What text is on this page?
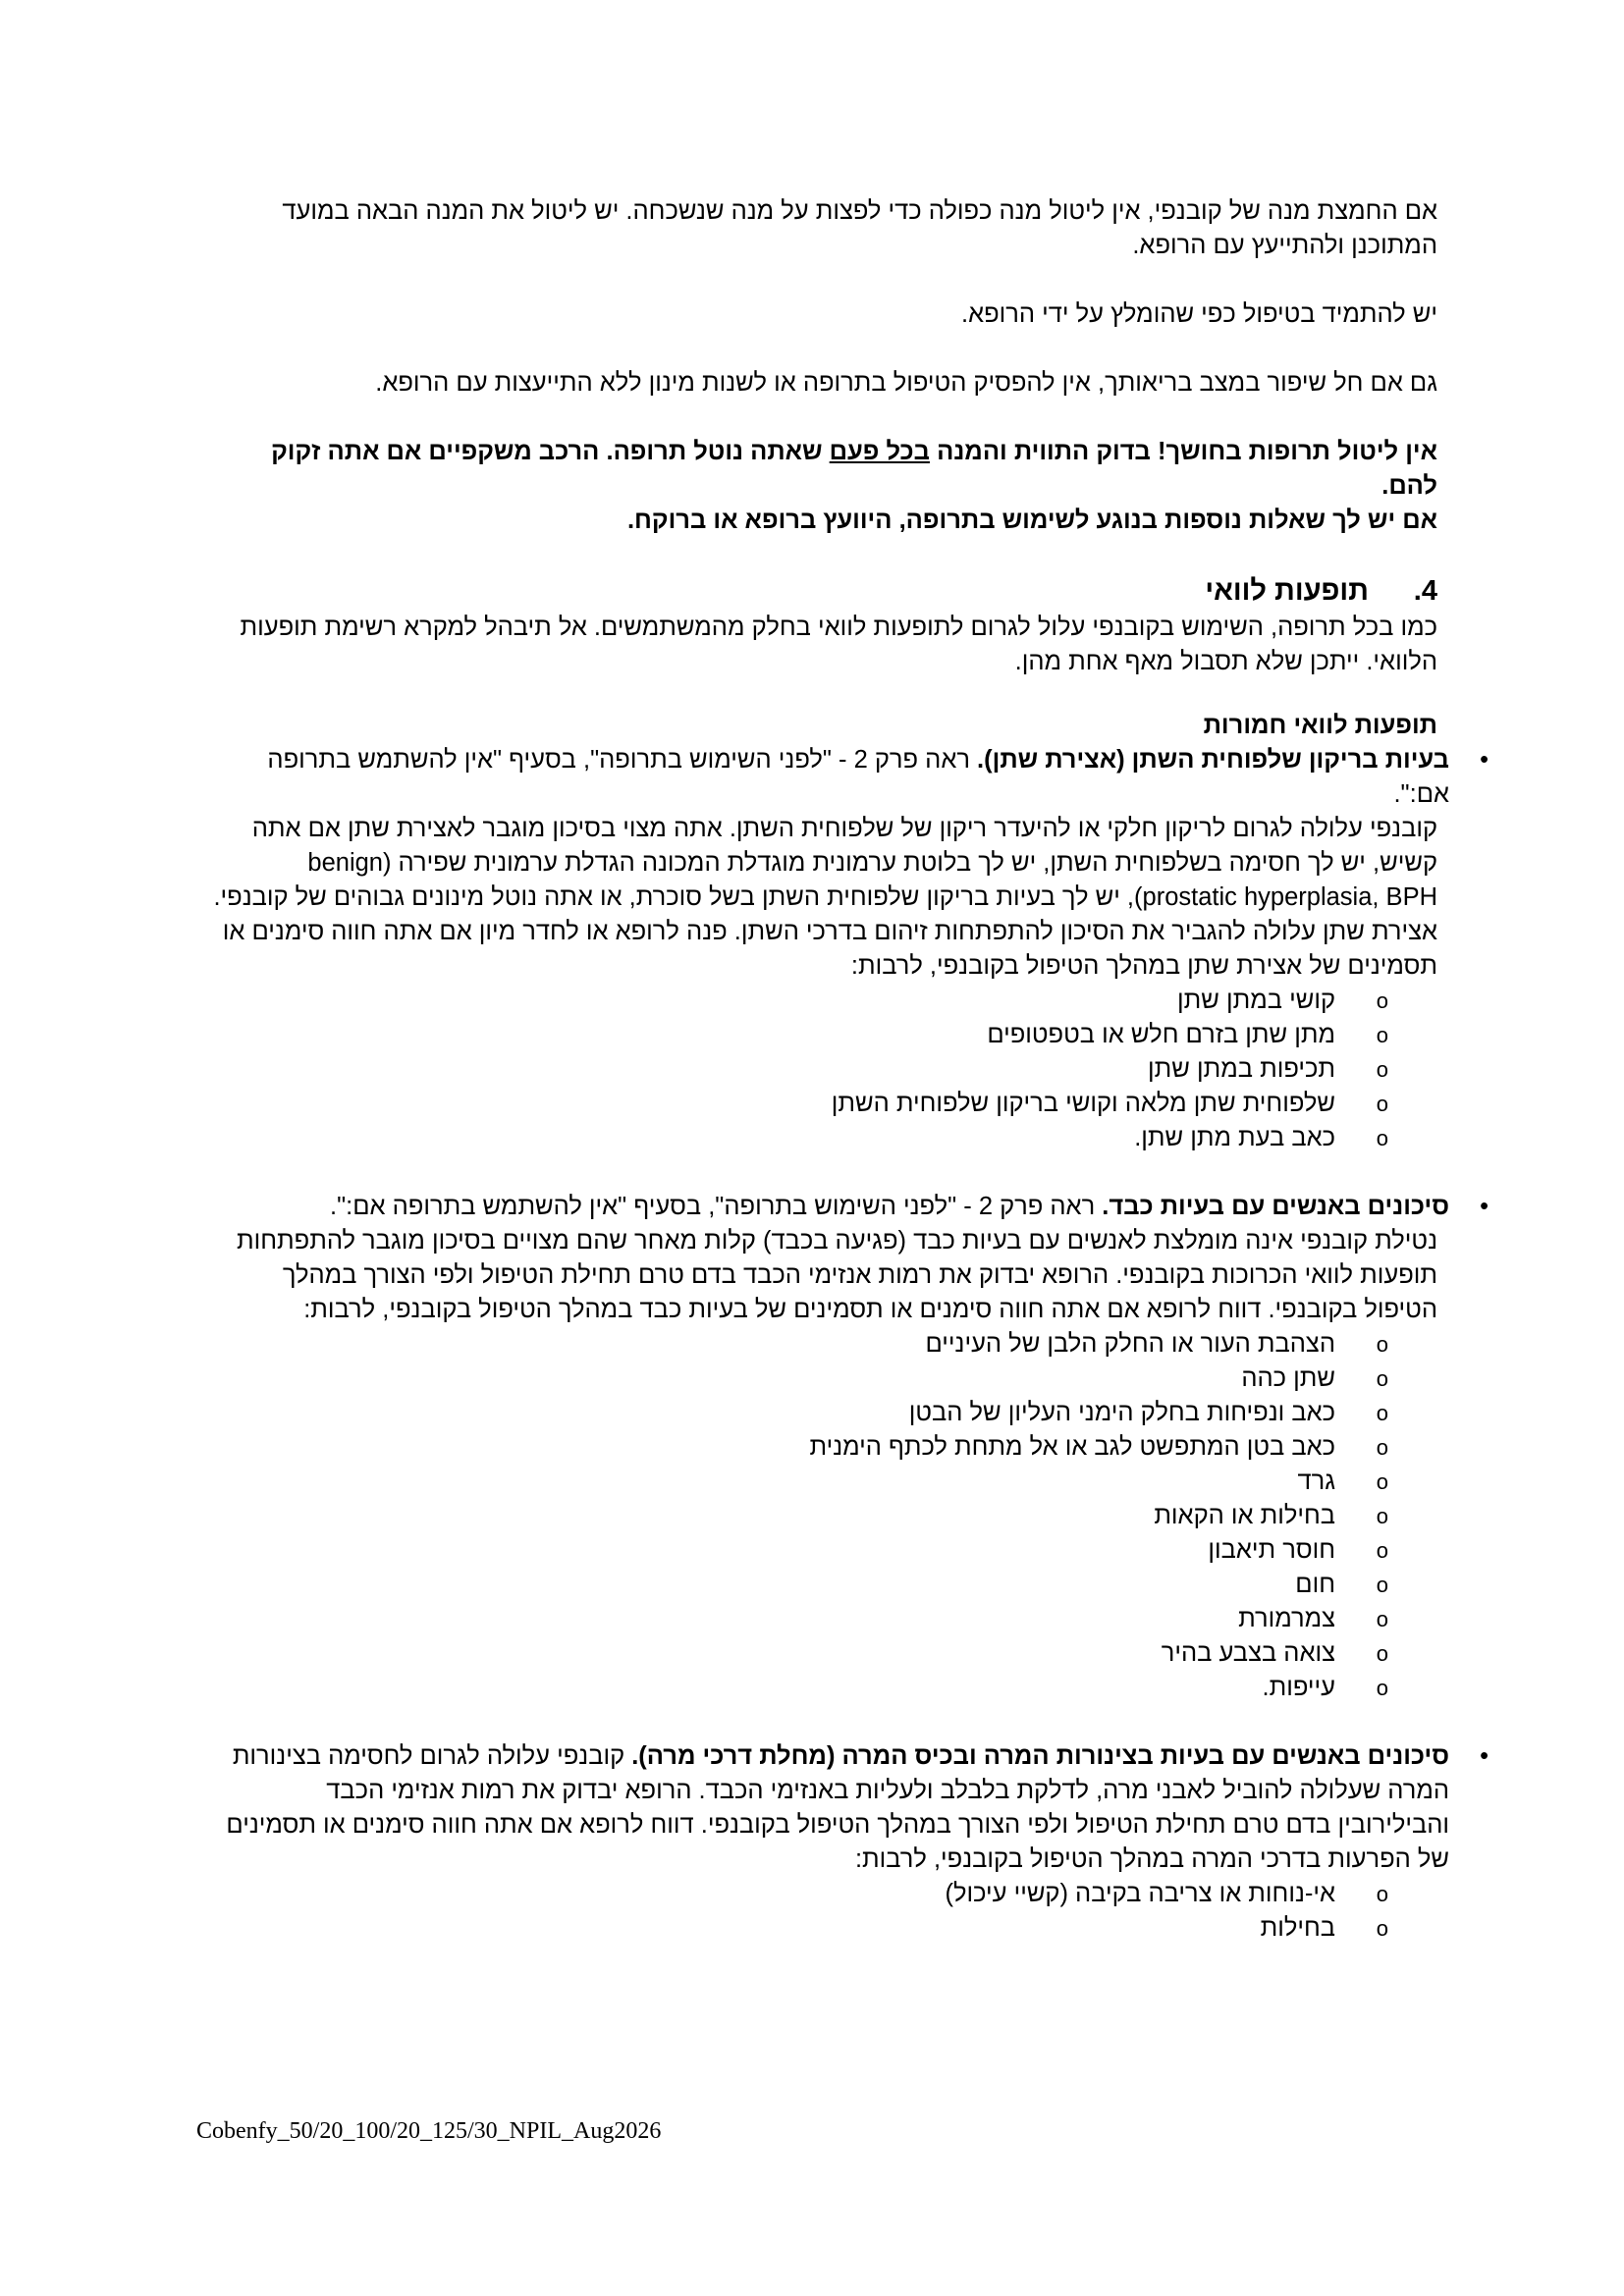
אם החמצת מנה של קובנפי, אין ליטול מנה כפולה כדי לפצות על מנה שנשכחה. יש ליטול את המנה הבאה במועד המתוכנן ולהתייעץ עם הרופא.

יש להתמיד בטיפול כפי שהומלץ על ידי הרופא.

גם אם חל שיפור במצב בריאותך, אין להפסיק הטיפול בתרופה או לשנות מינון ללא התייעצות עם הרופא.

אין ליטול תרופות בחושך! בדוק התווית והמנה בכל פעם שאתה נוטל תרופה. הרכב משקפיים אם אתה זקוק להם.

אם יש לך שאלות נוספות בנוגע לשימוש בתרופה, היוועץ ברופא או ברוקח.

4.
תופעות לוואי

כמו בכל תרופה, השימוש בקובנפי עלול לגרום לתופעות לוואי בחלק מהמשתמשים. אל תיבהל למקרא רשימת תופעות הלוואי. ייתכן שלא תסבול מאף אחת מהן.

תופעות לוואי חמורות

•
בעיות בריקון שלפוחית השתן (אצירת שתן). ראה פרק 2 - "לפני השימוש בתרופה", בסעיף "אין להשתמש בתרופה אם:".
קובנפי עלולה לגרום לריקון חלקי או להיעדר ריקון של שלפוחית השתן. אתה מצוי בסיכון מוגבר לאצירת שתן אם אתה קשיש, יש לך חסימה בשלפוחית השתן, יש לך בלוטת ערמונית מוגדלת המכונה הגדלת ערמונית שפירה (benign prostatic hyperplasia, BPH), יש לך בעיות בריקון שלפוחית השתן בשל סוכרת, או אתה נוטל מינונים גבוהים של קובנפי. אצירת שתן עלולה להגביר את הסיכון להתפתחות זיהום בדרכי השתן. פנה לרופא או לחדר מיון אם אתה חווה סימנים או תסמינים של אצירת שתן במהלך הטיפול בקובנפי, לרבות:
o
קושי במתן שתן
o
מתן שתן בזרם חלש או בטפטופים
o
תכיפות במתן שתן
o
שלפוחית שתן מלאה וקושי בריקון שלפוחית השתן
o
כאב בעת מתן שתן.
•
סיכונים באנשים עם בעיות כבד. ראה פרק 2 - "לפני השימוש בתרופה", בסעיף "אין להשתמש בתרופה אם:".
נטילת קובנפי אינה מומלצת לאנשים עם בעיות כבד (פגיעה בכבד) קלות מאחר שהם מצויים בסיכון מוגבר להתפתחות תופעות לוואי הכרוכות בקובנפי. הרופא יבדוק את רמות אנזימי הכבד בדם טרם תחילת הטיפול ולפי הצורך במהלך הטיפול בקובנפי. דווח לרופא אם אתה חווה סימנים או תסמינים של בעיות כבד במהלך הטיפול בקובנפי, לרבות:
o
הצהבת העור או החלק הלבן של העיניים
o
שתן כהה
o
כאב ונפיחות בחלק הימני העליון של הבטן
o
כאב בטן המתפשט לגב או אל מתחת לכתף הימנית
o
גרד
o
בחילות או הקאות
o
חוסר תיאבון
o
חום
o
צמרמורת
o
צואה בצבע בהיר
o
עייפות.
•
סיכונים באנשים עם בעיות בצינורות המרה ובכיס המרה (מחלת דרכי מרה). קובנפי עלולה לגרום לחסימה בצינורות המרה שעלולה להוביל לאבני מרה, לדלקת בלבלב ולעליות באנזימי הכבד. הרופא יבדוק את רמות אנזימי הכבד והבילירובין בדם טרם תחילת הטיפול ולפי הצורך במהלך הטיפול בקובנפי. דווח לרופא אם אתה חווה סימנים או תסמינים של הפרעות בדרכי המרה במהלך הטיפול בקובנפי, לרבות:
o
אי-נוחות או צריבה בקיבה (קשיי עיכול)
o
בחילות
Cobenfy_50/20_100/20_125/30_NPIL_Aug2026
